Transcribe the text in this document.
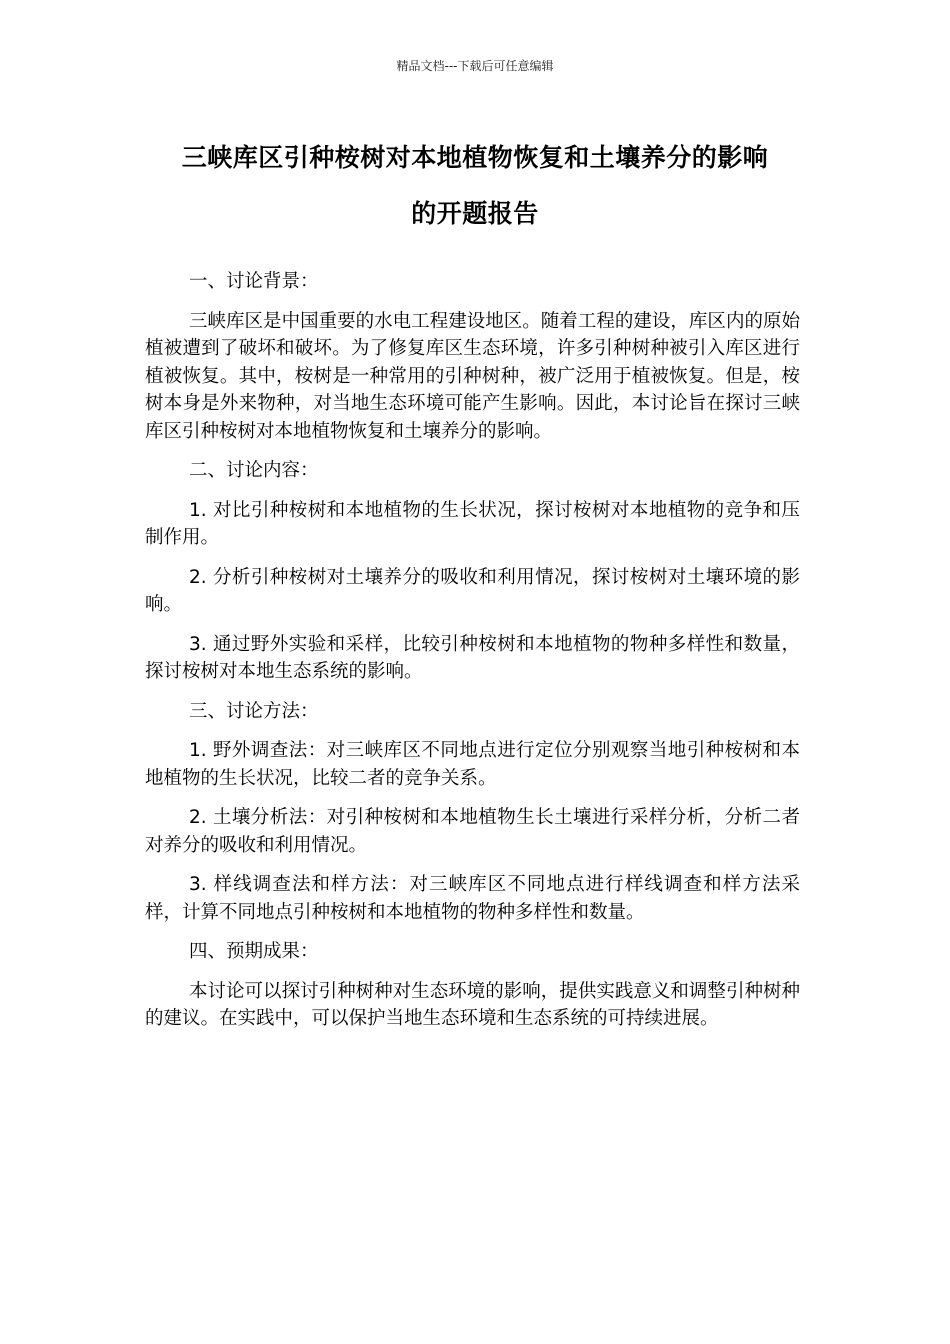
精品文档---下载后可任意编辑
三峡库区引种桉树对本地植物恢复和土壤养分的影响
的开题报告

一、讨论背景：

三峡库区是中国重要的水电工程建设地区。随着工程的建设，库区内的原始植被遭到了破坏和破坏。为了修复库区生态环境，许多引种树种被引入库区进行植被恢复。其中，桉树是一种常用的引种树种，被广泛用于植被恢复。但是，桉树本身是外来物种，对当地生态环境可能产生影响。因此，本讨论旨在探讨三峡库区引种桉树对本地植物恢复和土壤养分的影响。

二、讨论内容：

1. 对比引种桉树和本地植物的生长状况，探讨桉树对本地植物的竞争和压制作用。

2. 分析引种桉树对土壤养分的吸收和利用情况，探讨桉树对土壤环境的影响。

3. 通过野外实验和采样，比较引种桉树和本地植物的物种多样性和数量，探讨桉树对本地生态系统的影响。

三、讨论方法：

1. 野外调查法：对三峡库区不同地点进行定位分别观察当地引种桉树和本地植物的生长状况，比较二者的竞争关系。

2. 土壤分析法：对引种桉树和本地植物生长土壤进行采样分析，分析二者对养分的吸收和利用情况。

3. 样线调查法和样方法：对三峡库区不同地点进行样线调查和样方法采样，计算不同地点引种桉树和本地植物的物种多样性和数量。

四、预期成果：

本讨论可以探讨引种树种对生态环境的影响，提供实践意义和调整引种树种的建议。在实践中，可以保护当地生态环境和生态系统的可持续进展。
